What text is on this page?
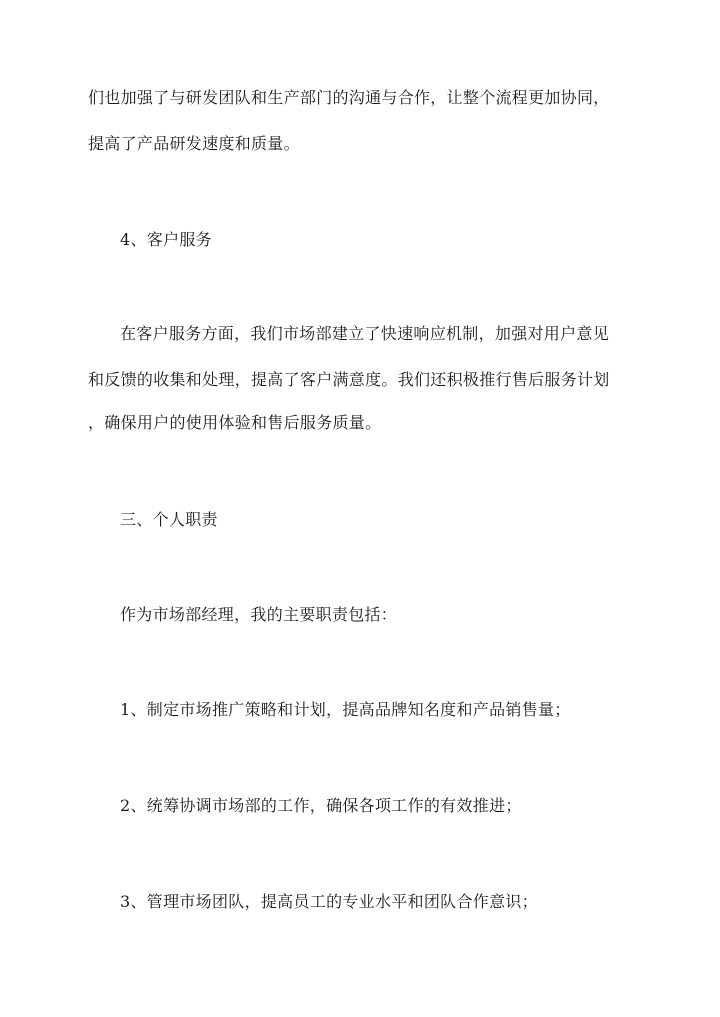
们也加强了与研发团队和生产部门的沟通与合作，让整个流程更加协同，
提高了产品研发速度和质量。
4、客户服务
在客户服务方面，我们市场部建立了快速响应机制，加强对用户意见
和反馈的收集和处理，提高了客户满意度。我们还积极推行售后服务计划
，确保用户的使用体验和售后服务质量。
三、个人职责
作为市场部经理，我的主要职责包括：
1、制定市场推广策略和计划，提高品牌知名度和产品销售量；
2、统筹协调市场部的工作，确保各项工作的有效推进；
3、管理市场团队，提高员工的专业水平和团队合作意识；
